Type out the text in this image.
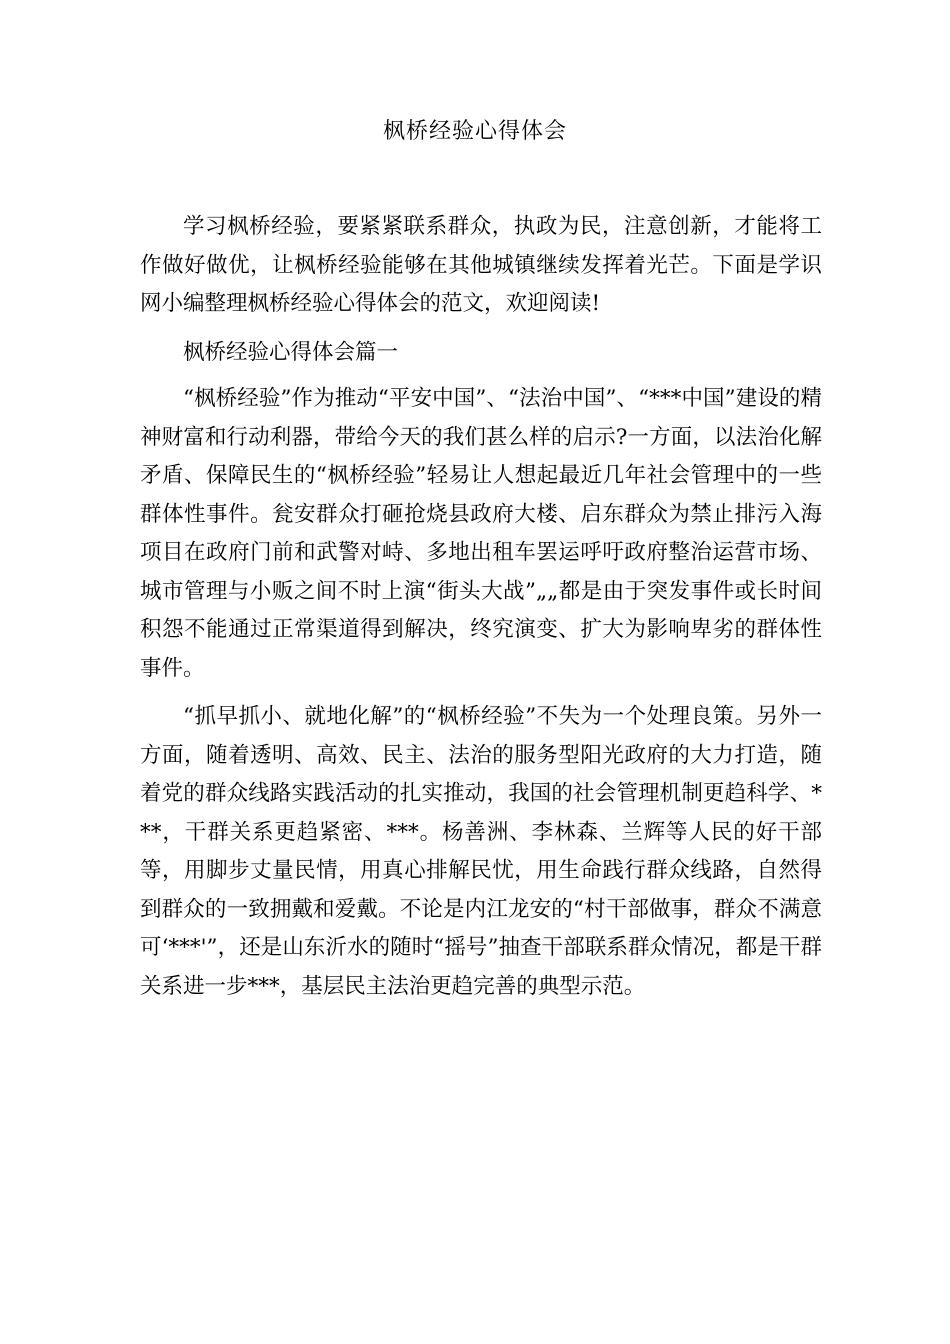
枫桥经验心得体会

学习枫桥经验，要紧紧联系群众，执政为民，注意创新，才能将工作做好做优，让枫桥经验能够在其他城镇继续发挥着光芒。下面是学识网小编整理枫桥经验心得体会的范文，欢迎阅读!

枫桥经验心得体会篇一

“枫桥经验”作为推动“平安中国”、“法治中国”、“***中国”建设的精神财富和行动利器，带给今天的我们甚么样的启示?一方面，以法治化解矛盾、保障民生的“枫桥经验”轻易让人想起最近几年社会管理中的一些群体性事件。瓮安群众打砸抢烧县政府大楼、启东群众为禁止排污入海项目在政府门前和武警对峙、多地出租车罢运呼吁政府整治运营市场、城市管理与小贩之间不时上演“街头大战”„„都是由于突发事件或长时间积怨不能通过正常渠道得到解决，终究演变、扩大为影响卑劣的群体性事件。

“抓早抓小、就地化解”的“枫桥经验”不失为一个处理良策。另外一方面，随着透明、高效、民主、法治的服务型阳光政府的大力打造，随着党的群众线路实践活动的扎实推动，我国的社会管理机制更趋科学、***，干群关系更趋紧密、***。杨善洲、李林森、兰辉等人民的好干部等，用脚步丈量民情，用真心排解民忧，用生命践行群众线路，自然得到群众的一致拥戴和爱戴。不论是内江龙安的“村干部做事，群众不满意可‘***'”，还是山东沂水的随时“摇号”抽查干部联系群众情况，都是干群关系进一步***，基层民主法治更趋完善的典型示范。
